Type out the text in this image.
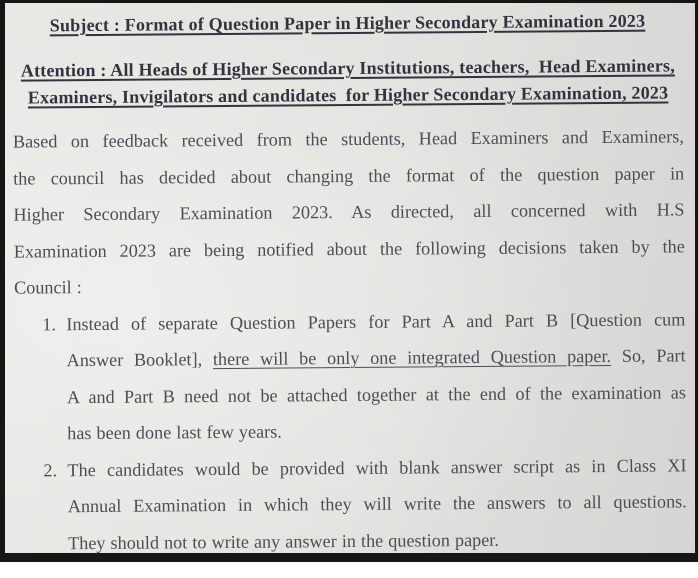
Subject : Format of Question Paper in Higher Secondary Examination 2023
Attention : All Heads of Higher Secondary Institutions, teachers,  Head Examiners,
Examiners, Invigilators and candidates  for Higher Secondary Examination, 2023
Based on feedback received from the students, Head Examiners and Examiners,
the council has decided about changing the format of the question paper in
Higher Secondary Examination 2023. As directed, all concerned with H.S
Examination 2023 are being notified about the following decisions taken by the
Council :
1. Instead of separate Question Papers for Part A and Part B [Question cum
Answer Booklet], there will be only one integrated Question paper. So, Part
A and Part B need not be attached together at the end of the examination as
has been done last few years.
2. The candidates would be provided with blank answer script as in Class XI
Annual Examination in which they will write the answers to all questions.
They should not to write any answer in the question paper.
